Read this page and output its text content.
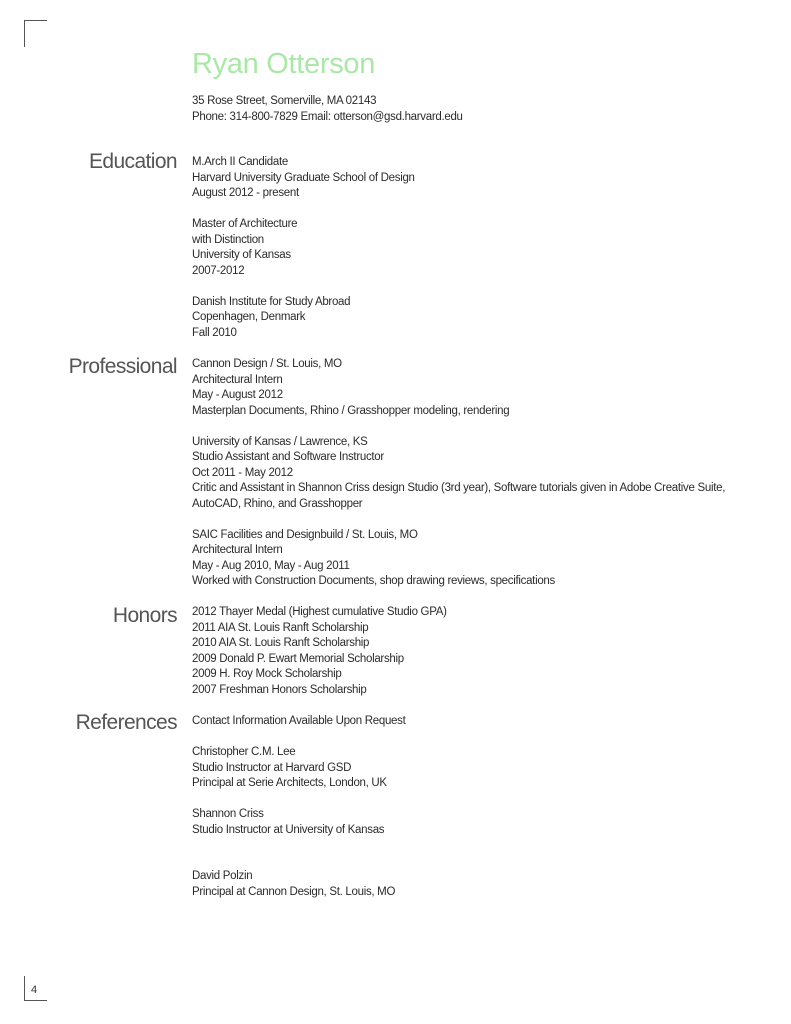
Ryan Otterson
35 Rose Street, Somerville, MA 02143
Phone: 314-800-7829 Email: otterson@gsd.harvard.edu
Education M.Arch II Candidate
Harvard University Graduate School of Design
August 2012 - present
Master of Architecture
with Distinction
University of Kansas
2007-2012
Danish Institute for Study Abroad
Copenhagen, Denmark
Fall 2010
Professional Cannon Design / St. Louis, MO
Architectural Intern
May - August 2012
Masterplan Documents, Rhino / Grasshopper modeling, rendering
University of Kansas / Lawrence, KS
Studio Assistant and Software Instructor
Oct 2011 - May 2012
Critic and Assistant in Shannon Criss design Studio (3rd year), Software tutorials given in Adobe Creative Suite, AutoCAD, Rhino, and Grasshopper
SAIC Facilities and Designbuild / St. Louis, MO
Architectural Intern
May - Aug 2010, May - Aug 2011
Worked with Construction Documents, shop drawing reviews, specifications
Honors 2012 Thayer Medal (Highest cumulative Studio GPA)
2011 AIA St. Louis Ranft Scholarship
2010 AIA St. Louis Ranft Scholarship
2009 Donald P. Ewart Memorial Scholarship
2009 H. Roy Mock Scholarship
2007 Freshman Honors Scholarship
References Contact Information Available Upon Request
Christopher C.M. Lee
Studio Instructor at Harvard GSD
Principal at Serie Architects, London, UK
Shannon Criss
Studio Instructor at University of Kansas
David Polzin
Principal at Cannon Design, St. Louis, MO
4
